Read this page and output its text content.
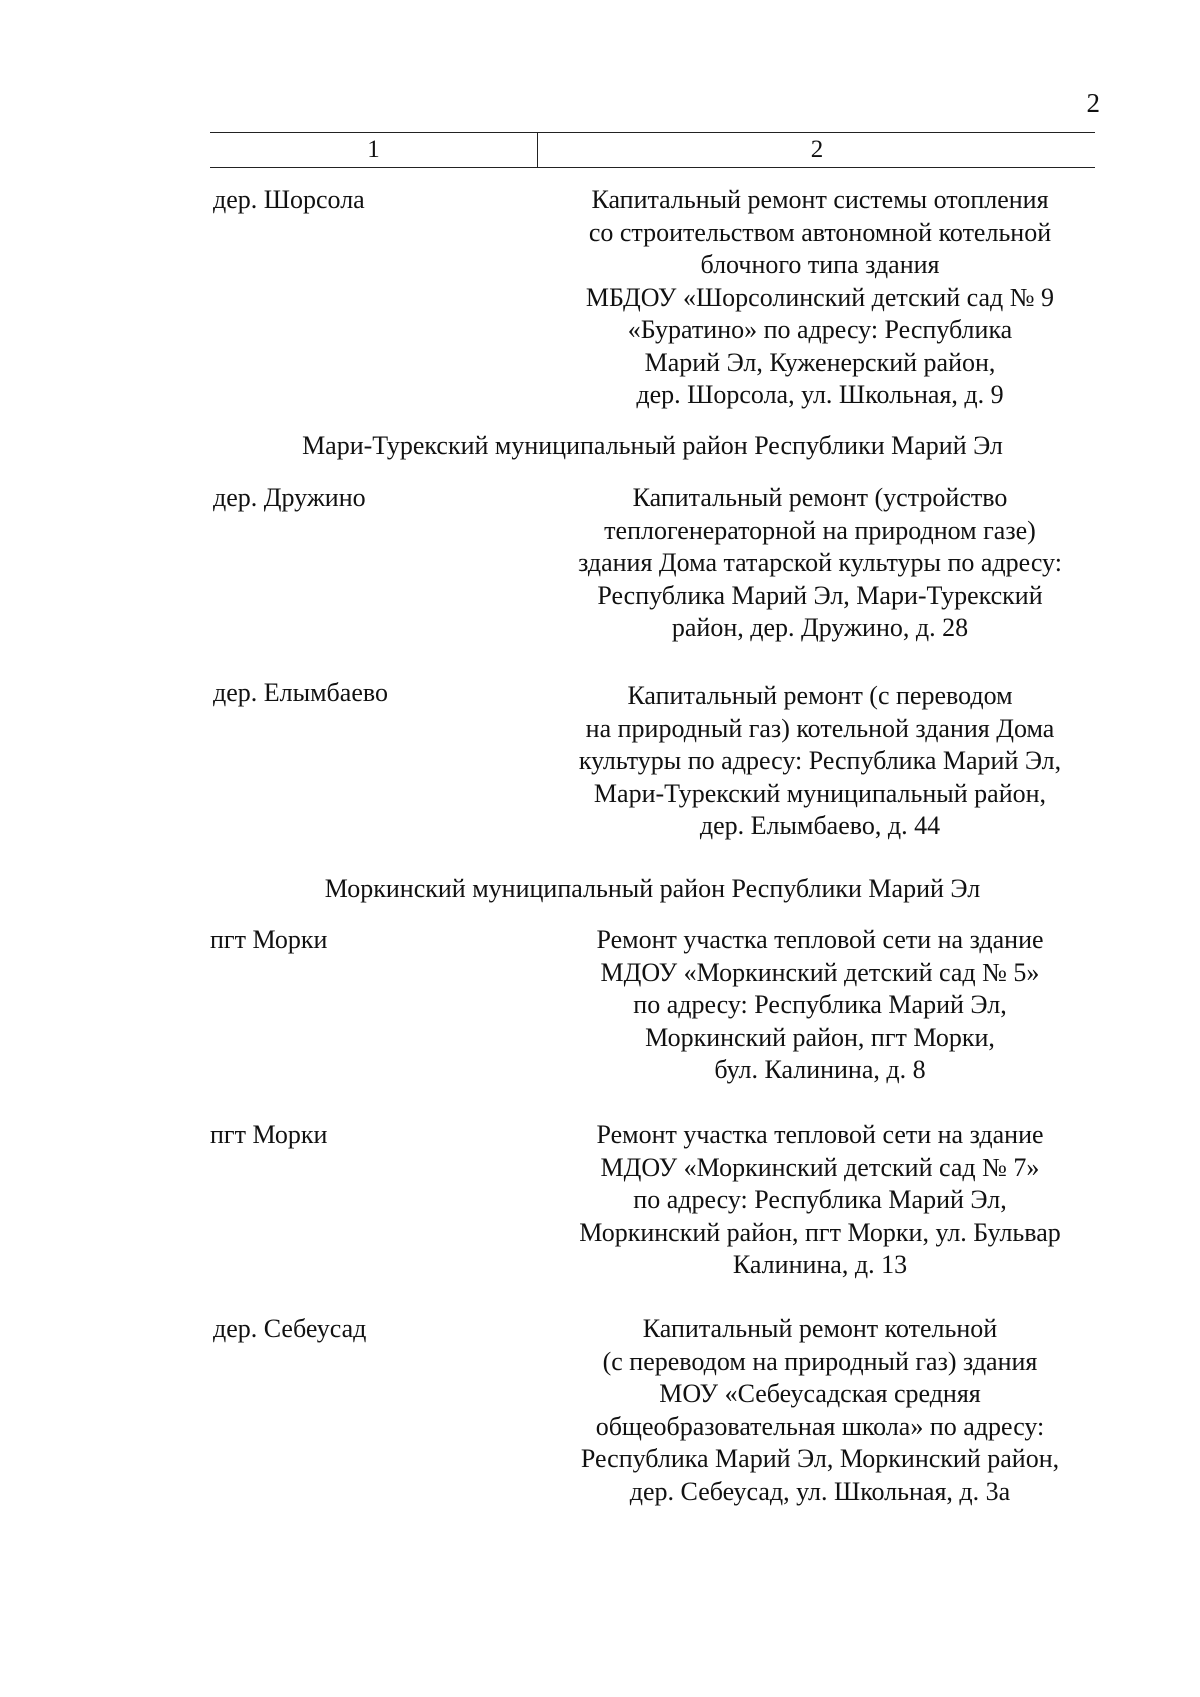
2
1	2
дер. Шорсола	Капитальный ремонт системы отопления
со строительством автономной котельной
блочного типа здания
МБДОУ «Шорсолинский детский сад № 9
«Буратино» по адресу: Республика
Марий Эл, Куженерский район,
дер. Шорсола, ул. Школьная, д. 9
Мари-Турекский муниципальный район Республики Марий Эл
дер. Дружино	Капитальный ремонт (устройство
теплогенераторной на природном газе)
здания Дома татарской культуры по адресу:
Республика Марий Эл, Мари-Турекский
район, дер. Дружино, д. 28
дер. Елымбаево	Капитальный ремонт (с переводом
на природный газ) котельной здания Дома
культуры по адресу: Республика Марий Эл,
Мари-Турекский муниципальный район,
дер. Елымбаево, д. 44
Моркинский муниципальный район Республики Марий Эл
пгт Морки	Ремонт участка тепловой сети на здание
МДОУ «Моркинский детский сад № 5»
по адресу: Республика Марий Эл,
Моркинский район, пгт Морки,
бул. Калинина, д. 8
пгт Морки	Ремонт участка тепловой сети на здание
МДОУ «Моркинский детский сад № 7»
по адресу: Республика Марий Эл,
Моркинский район, пгт Морки, ул. Бульвар
Калинина, д. 13
дер. Себеусад	Капитальный ремонт котельной
(с переводом на природный газ) здания
МОУ «Себеусадская средняя
общеобразовательная школа» по адресу:
Республика Марий Эл, Моркинский район,
дер. Себеусад, ул. Школьная, д. 3а
